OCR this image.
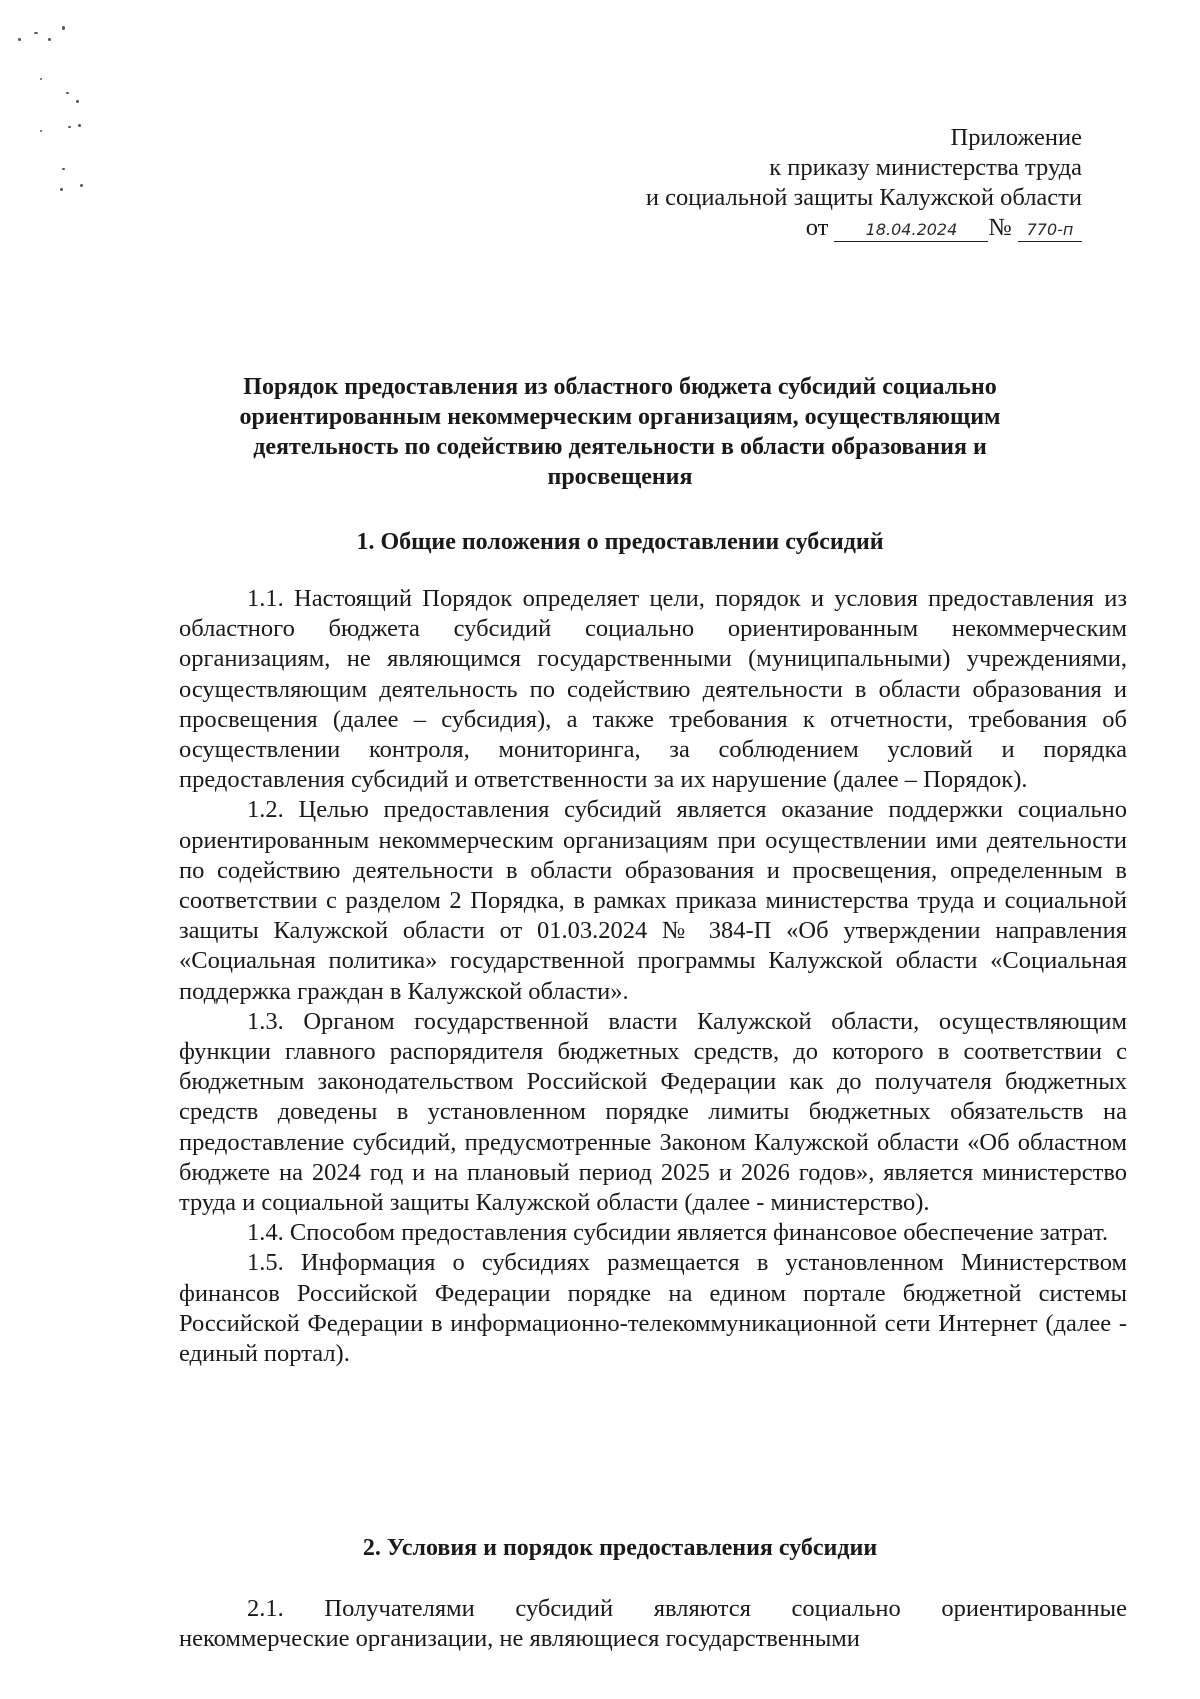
Приложение
к приказу министерства труда
и социальной защиты Калужской области
от 18.04.2024 № 770-п
Порядок предоставления из областного бюджета субсидий социально ориентированным некоммерческим организациям, осуществляющим деятельность по содействию деятельности в области образования и просвещения
1. Общие положения о предоставлении субсидий

1.1. Настоящий Порядок определяет цели, порядок и условия предоставления из областного бюджета субсидий социально ориентированным некоммерческим организациям, не являющимся государственными (муниципальными) учреждениями, осуществляющим деятельность по содействию деятельности в области образования и просвещения (далее – субсидия), а также требования к отчетности, требования об осуществлении контроля, мониторинга, за соблюдением условий и порядка предоставления субсидий и ответственности за их нарушение (далее – Порядок).

1.2. Целью предоставления субсидий является оказание поддержки социально ориентированным некоммерческим организациям при осуществлении ими деятельности по содействию деятельности в области образования и просвещения, определенным в соответствии с разделом 2 Порядка, в рамках приказа министерства труда и социальной защиты Калужской области от 01.03.2024 № 384-П «Об утверждении направления «Социальная политика» государственной программы Калужской области «Социальная поддержка граждан в Калужской области».

1.3. Органом государственной власти Калужской области, осуществляющим функции главного распорядителя бюджетных средств, до которого в соответствии с бюджетным законодательством Российской Федерации как до получателя бюджетных средств доведены в установленном порядке лимиты бюджетных обязательств на предоставление субсидий, предусмотренные Законом Калужской области «Об областном бюджете на 2024 год и на плановый период 2025 и 2026 годов», является министерство труда и социальной защиты Калужской области (далее - министерство).

1.4. Способом предоставления субсидии является финансовое обеспечение затрат.

1.5. Информация о субсидиях размещается в установленном Министерством финансов Российской Федерации порядке на едином портале бюджетной системы Российской Федерации в информационно-телекоммуникационной сети Интернет (далее - единый портал).

2. Условия и порядок предоставления субсидии

2.1. Получателями субсидий являются социально ориентированные некоммерческие организации, не являющиеся государственными
